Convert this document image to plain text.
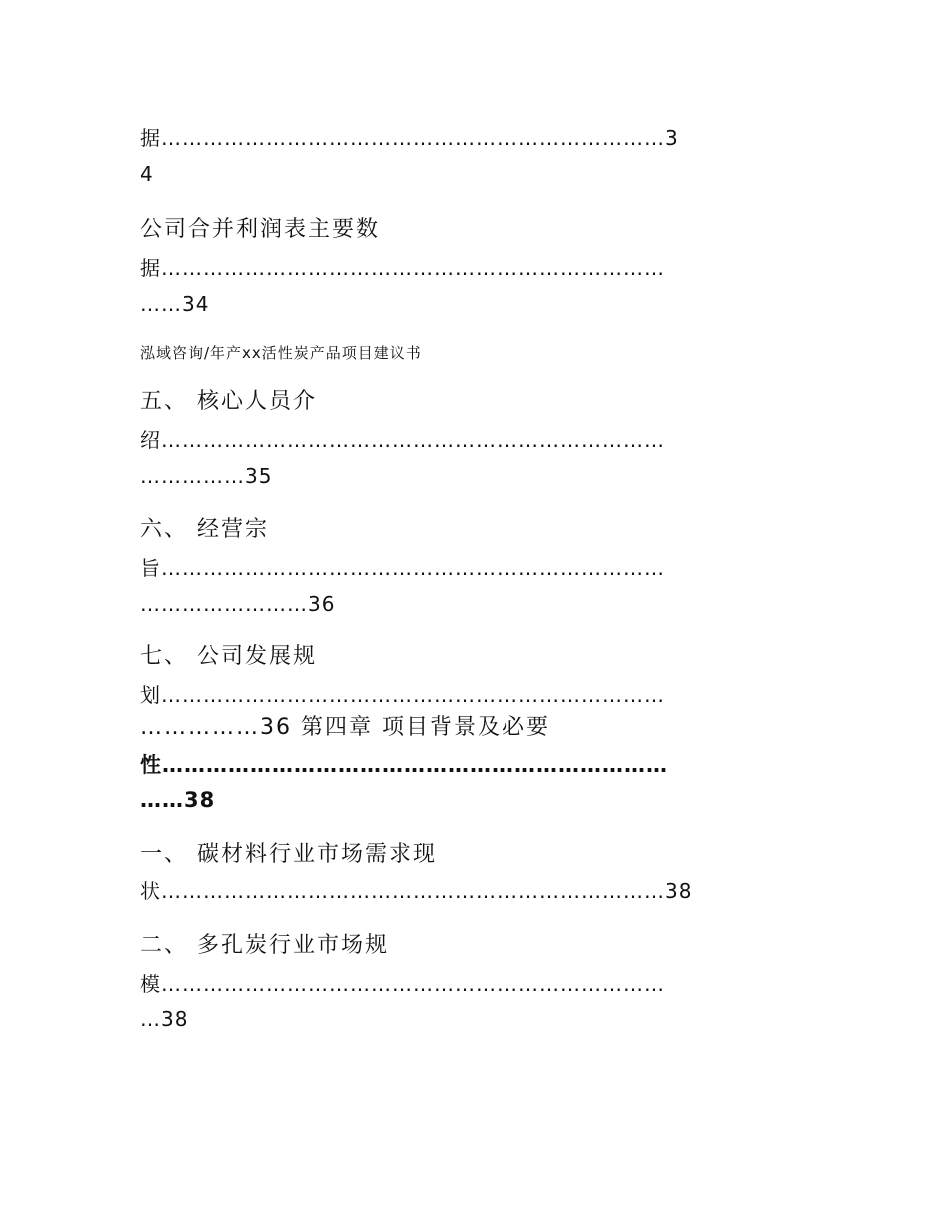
据………………………………………………………………3
4
公司合并利润表主要数
据………………………………………………………………
……34
泓域咨询/年产xx活性炭产品项目建议书
五、 核心人员介
绍………………………………………………………………
……………35
六、 经营宗
旨………………………………………………………………
……………………36
七、 公司发展规
划………………………………………………………………
……………36 第四章 项目背景及必要
性……………………………………………………………
……38
一、 碳材料行业市场需求现
状………………………………………………………………38
二、 多孔炭行业市场规
模………………………………………………………………
…38
